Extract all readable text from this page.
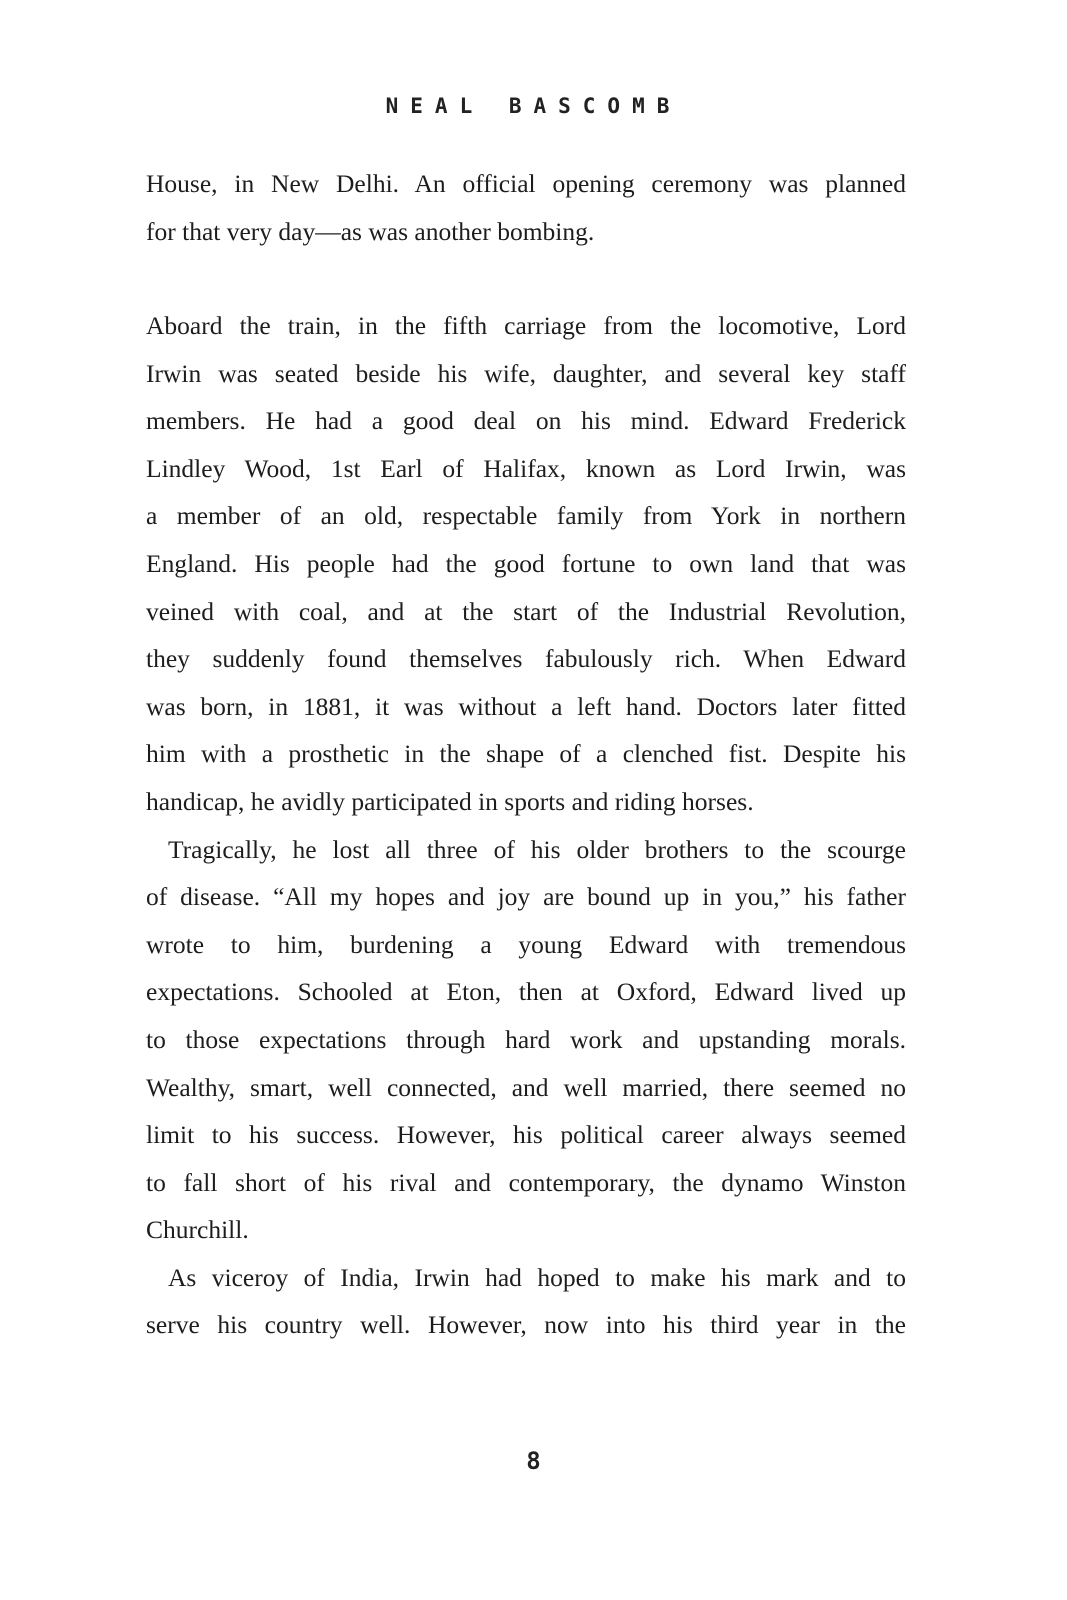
NEAL BASCOMB
House, in New Delhi. An official opening ceremony was planned
for that very day—as was another bombing.
Aboard the train, in the fifth carriage from the locomotive, Lord
Irwin was seated beside his wife, daughter, and several key staff
members. He had a good deal on his mind. Edward Frederick
Lindley Wood, 1st Earl of Halifax, known as Lord Irwin, was
a member of an old, respectable family from York in northern
England. His people had the good fortune to own land that was
veined with coal, and at the start of the Industrial Revolution,
they suddenly found themselves fabulously rich. When Edward
was born, in 1881, it was without a left hand. Doctors later fitted
him with a prosthetic in the shape of a clenched fist. Despite his
handicap, he avidly participated in sports and riding horses.
Tragically, he lost all three of his older brothers to the scourge
of disease. “All my hopes and joy are bound up in you,” his father
wrote to him, burdening a young Edward with tremendous
expectations. Schooled at Eton, then at Oxford, Edward lived up
to those expectations through hard work and upstanding morals.
Wealthy, smart, well connected, and well married, there seemed no
limit to his success. However, his political career always seemed
to fall short of his rival and contemporary, the dynamo Winston
Churchill.
As viceroy of India, Irwin had hoped to make his mark and to
serve his country well. However, now into his third year in the
8
